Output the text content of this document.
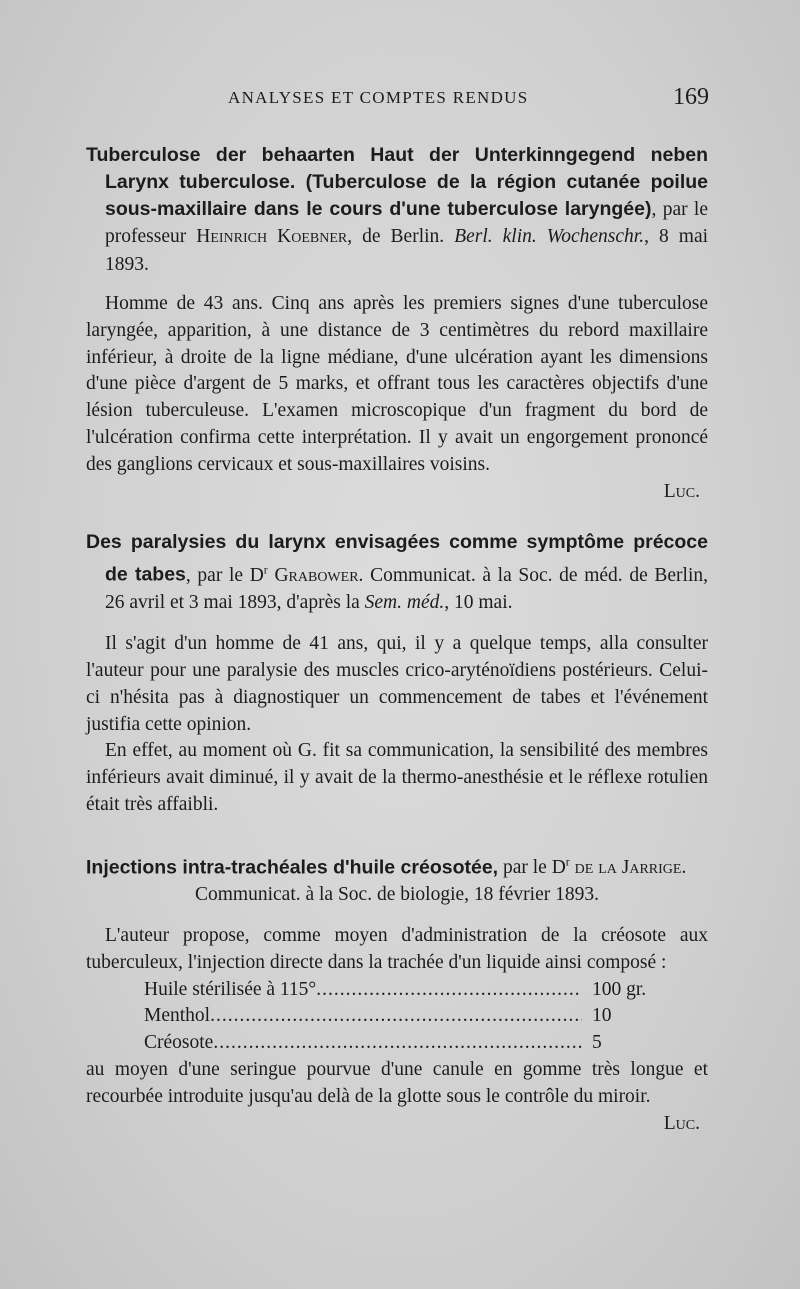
ANALYSES ET COMPTES RENDUS	169

Tuberculose der behaarten Haut der Unterkinngegend neben Larynx tuberculose. (Tuberculose de la région cutanée poilue sous-maxillaire dans le cours d'une tuberculose laryngée), par le professeur Heinrich Koebner, de Berlin. Berl. klin. Wochenschr., 8 mai 1893.

Homme de 43 ans. Cinq ans après les premiers signes d'une tuberculose laryngée, apparition, à une distance de 3 centimètres du rebord maxillaire inférieur, à droite de la ligne médiane, d'une ulcération ayant les dimensions d'une pièce d'argent de 5 marks, et offrant tous les caractères objectifs d'une lésion tuberculeuse. L'examen microscopique d'un fragment du bord de l'ulcération confirma cette interprétation. Il y avait un engorgement prononcé des ganglions cervicaux et sous-maxillaires voisins.

Luc.

Des paralysies du larynx envisagées comme symptôme précoce de tabes, par le $D^r$ Grabower. Communicat. à la Soc. de méd. de Berlin, 26 avril et 3 mai 1893, d'après la Sem. méd., 10 mai.

Il s'agit d'un homme de 41 ans, qui, il y a quelque temps, alla consulter l'auteur pour une paralysie des muscles crico-aryténoïdiens postérieurs. Celui-ci n'hésita pas à diagnostiquer un commencement de tabes et l'événement justifia cette opinion.

En effet, au moment où G. fit sa communication, la sensibilité des membres inférieurs avait diminué, il y avait de la thermo-anesthésie et le réflexe rotulien était très affaibli.

Injections intra-trachéales d'huile créosotée, par le $D^r$ de la Jarrige.

Communicat. à la Soc. de biologie, 18 février 1893.

L'auteur propose, comme moyen d'administration de la créosote aux tuberculeux, l'injection directe dans la trachée d'un liquide ainsi composé :

Huile stérilisée à 115° .....	100 gr.
Menthol .....	10
Créosote .....	5

au moyen d'une seringue pourvue d'une canule en gomme très longue et recourbée introduite jusqu'au delà de la glotte sous le contrôle du miroir.

Luc.
